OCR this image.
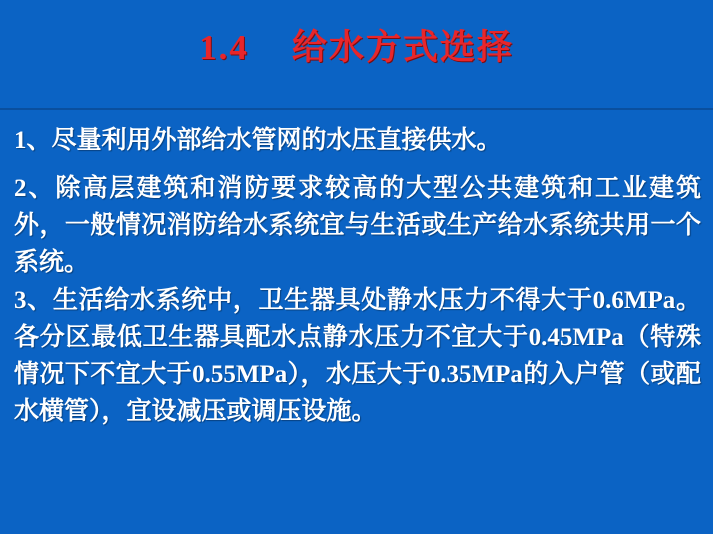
1.4    给水方式选择

1、尽量利用外部给水管网的水压直接供水。

2、除高层建筑和消防要求较高的大型公共建筑和工业建筑外，一般情况消防给水系统宜与生活或生产给水系统共用一个系统。

3、生活给水系统中，卫生器具处静水压力不得大于0.6MPa。各分区最低卫生器具配水点静水压力不宜大于0.45MPa（特殊情况下不宜大于0.55MPa），水压大于0.35MPa的入户管（或配水横管），宜设减压或调压设施。
